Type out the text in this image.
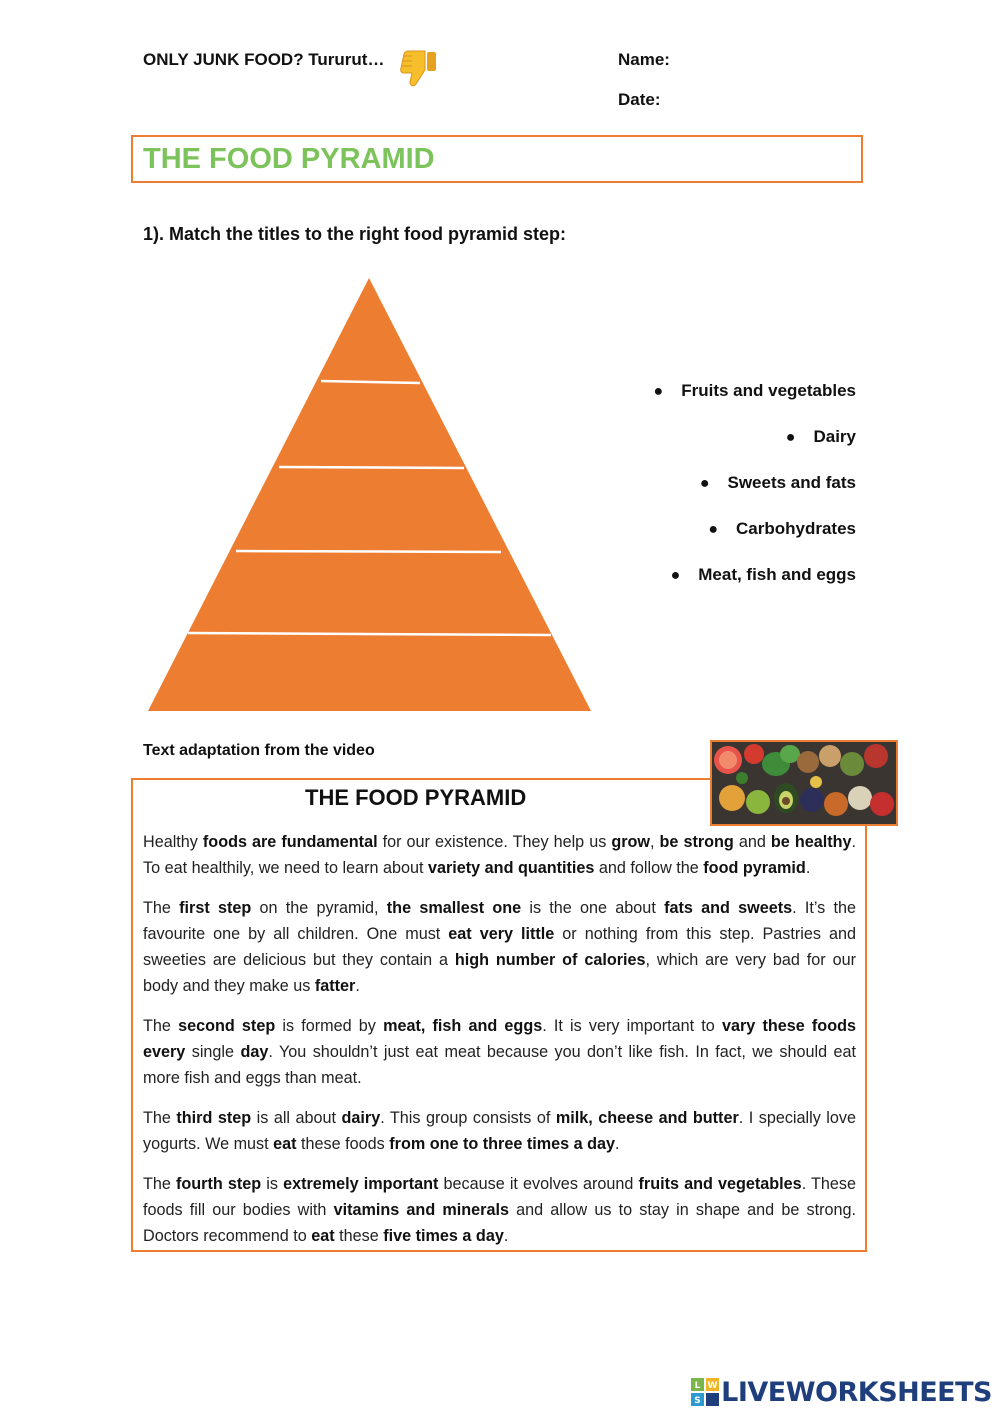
ONLY JUNK FOOD? Tururut…	Name:
Date:
THE FOOD PYRAMID
1). Match the titles to the right food pyramid step:
● Fruits and vegetables
● Dairy
● Sweets and fats
● Carbohydrates
● Meat, fish and eggs
Text adaptation from the video
THE FOOD PYRAMID

Healthy foods are fundamental for our existence. They help us grow, be strong and be healthy. To eat healthily, we need to learn about variety and quantities and follow the food pyramid.

The first step on the pyramid, the smallest one is the one about fats and sweets. It’s the favourite one by all children. One must eat very little or nothing from this step. Pastries and sweeties are delicious but they contain a high number of calories, which are very bad for our body and they make us fatter.

The second step is formed by meat, fish and eggs. It is very important to vary these foods every single day. You shouldn’t just eat meat because you don’t like fish. In fact, we should eat more fish and eggs than meat.

The third step is all about dairy. This group consists of milk, cheese and butter. I specially love yogurts. We must eat these foods from one to three times a day.

The fourth step is extremely important because it evolves around fruits and vegetables. These foods fill our bodies with vitamins and minerals and allow us to stay in shape and be strong. Doctors recommend to eat these five times a day.

L W
S LIVEWORKSHEETS
